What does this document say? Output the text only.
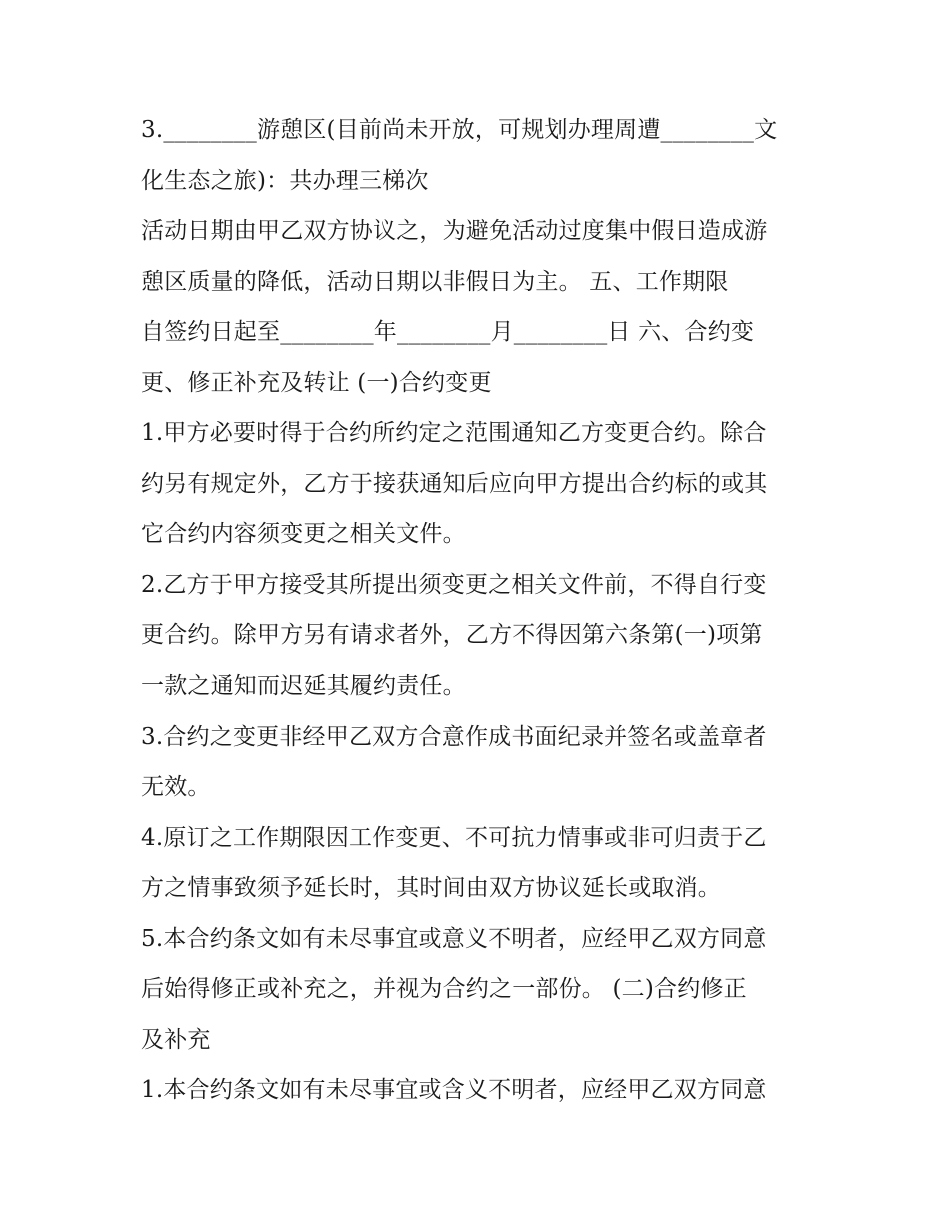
3.________游憩区(目前尚未开放，可规划办理周遭________文
化生态之旅)：共办理三梯次
活动日期由甲乙双方协议之，为避免活动过度集中假日造成游
憩区质量的降低，活动日期以非假日为主。 五、工作期限
自签约日起至________年________月________日 六、合约变
更、修正补充及转让 (一)合约变更
1.甲方必要时得于合约所约定之范围通知乙方变更合约。除合
约另有规定外，乙方于接获通知后应向甲方提出合约标的或其
它合约内容须变更之相关文件。
2.乙方于甲方接受其所提出须变更之相关文件前，不得自行变
更合约。除甲方另有请求者外，乙方不得因第六条第(一)项第
一款之通知而迟延其履约责任。
3.合约之变更非经甲乙双方合意作成书面纪录并签名或盖章者
无效。
4.原订之工作期限因工作变更、不可抗力情事或非可归责于乙
方之情事致须予延长时，其时间由双方协议延长或取消。
5.本合约条文如有未尽事宜或意义不明者，应经甲乙双方同意
后始得修正或补充之，并视为合约之一部份。 (二)合约修正
及补充
1.本合约条文如有未尽事宜或含义不明者，应经甲乙双方同意
